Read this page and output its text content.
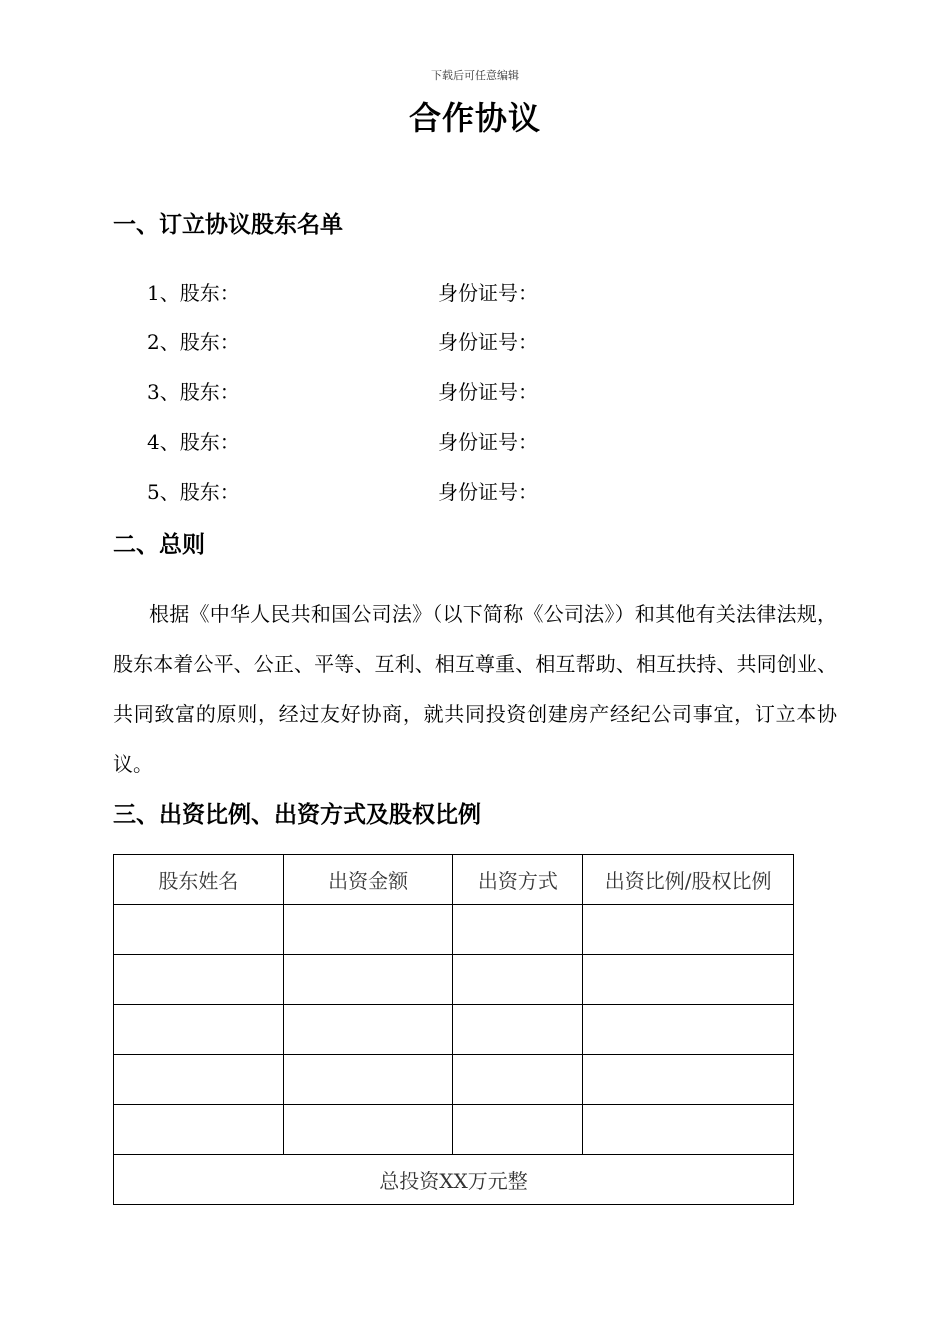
下载后可任意编辑
合作协议
一、订立协议股东名单
1、股东：	身份证号：
2、股东：	身份证号：
3、股东：	身份证号：
4、股东：	身份证号：
5、股东：	身份证号：
二、总则
根据《中华人民共和国公司法》（以下简称《公司法》）和其他有关法律法规，股东本着公平、公正、平等、互利、相互尊重、相互帮助、相互扶持、共同创业、共同致富的原则，经过友好协商，就共同投资创建房产经纪公司事宜，订立本协议。
三、出资比例、出资方式及股权比例
股东姓名	出资金额	出资方式	出资比例/股权比例

总投资XX万元整			
